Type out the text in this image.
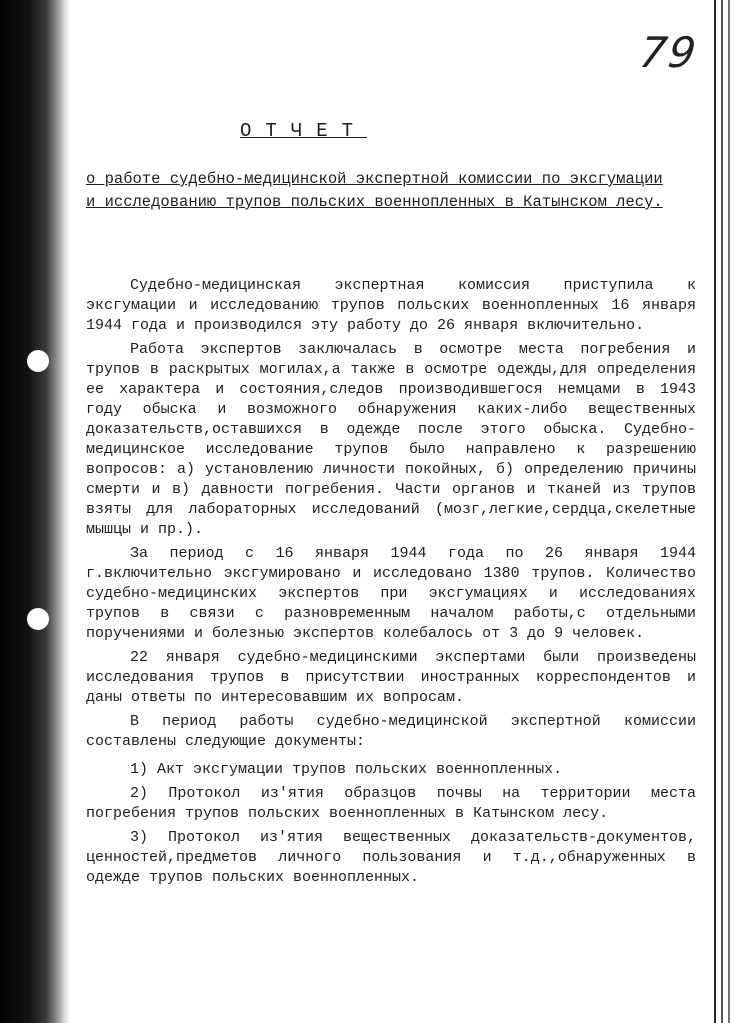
79
ОТЧЕТ

о работе судебно-медицинской экспертной комиссии по эксгумации и исследованию трупов польских военнопленных в Катынском лесу.

Судебно-медицинская экспертная комиссия приступила к эксгумации и исследованию трупов польских военнопленных 16 января 1944 года и производился эту работу до 26 января включительно.

Работа экспертов заключалась в осмотре места погребения и трупов в раскрытых могилах,а также в осмотре одежды,для определения ее характера и состояния,следов производившегося немцами в 1943 году обыска и возможного обнаружения каких-либо вещественных доказательств,оставшихся в одежде после этого обыска. Судебно-медицинское исследование трупов было направлено к разрешению вопросов: а) установлению личности покойных, б) определению причины смерти и в) давности погребения. Части органов и тканей из трупов взяты для лабораторных исследований (мозг,легкие,сердца,скелетные мышцы и пр.).

За период с 16 января 1944 года по 26 января 1944 г.включительно эксгумировано и исследовано 1380 трупов. Количество судебно-медицинских экспертов при эксгумациях и исследованиях трупов в связи с разновременным началом работы,с отдельными поручениями и болезнью экспертов колебалось от 3 до 9 человек.

22 января судебно-медицинскими экспертами были произведены исследования трупов в присутствии иностранных корреспондентов и даны ответы по интересовавшим их вопросам.

В период работы судебно-медицинской экспертной комиссии составлены следующие документы:

1) Акт эксгумации трупов польских военнопленных.
2) Протокол из'ятия образцов почвы на территории места погребения трупов польских военнопленных в Катынском лесу.
3) Протокол из'ятия вещественных доказательств-документов, ценностей,предметов личного пользования и т.д.,обнаруженных в одежде трупов польских военнопленных.
